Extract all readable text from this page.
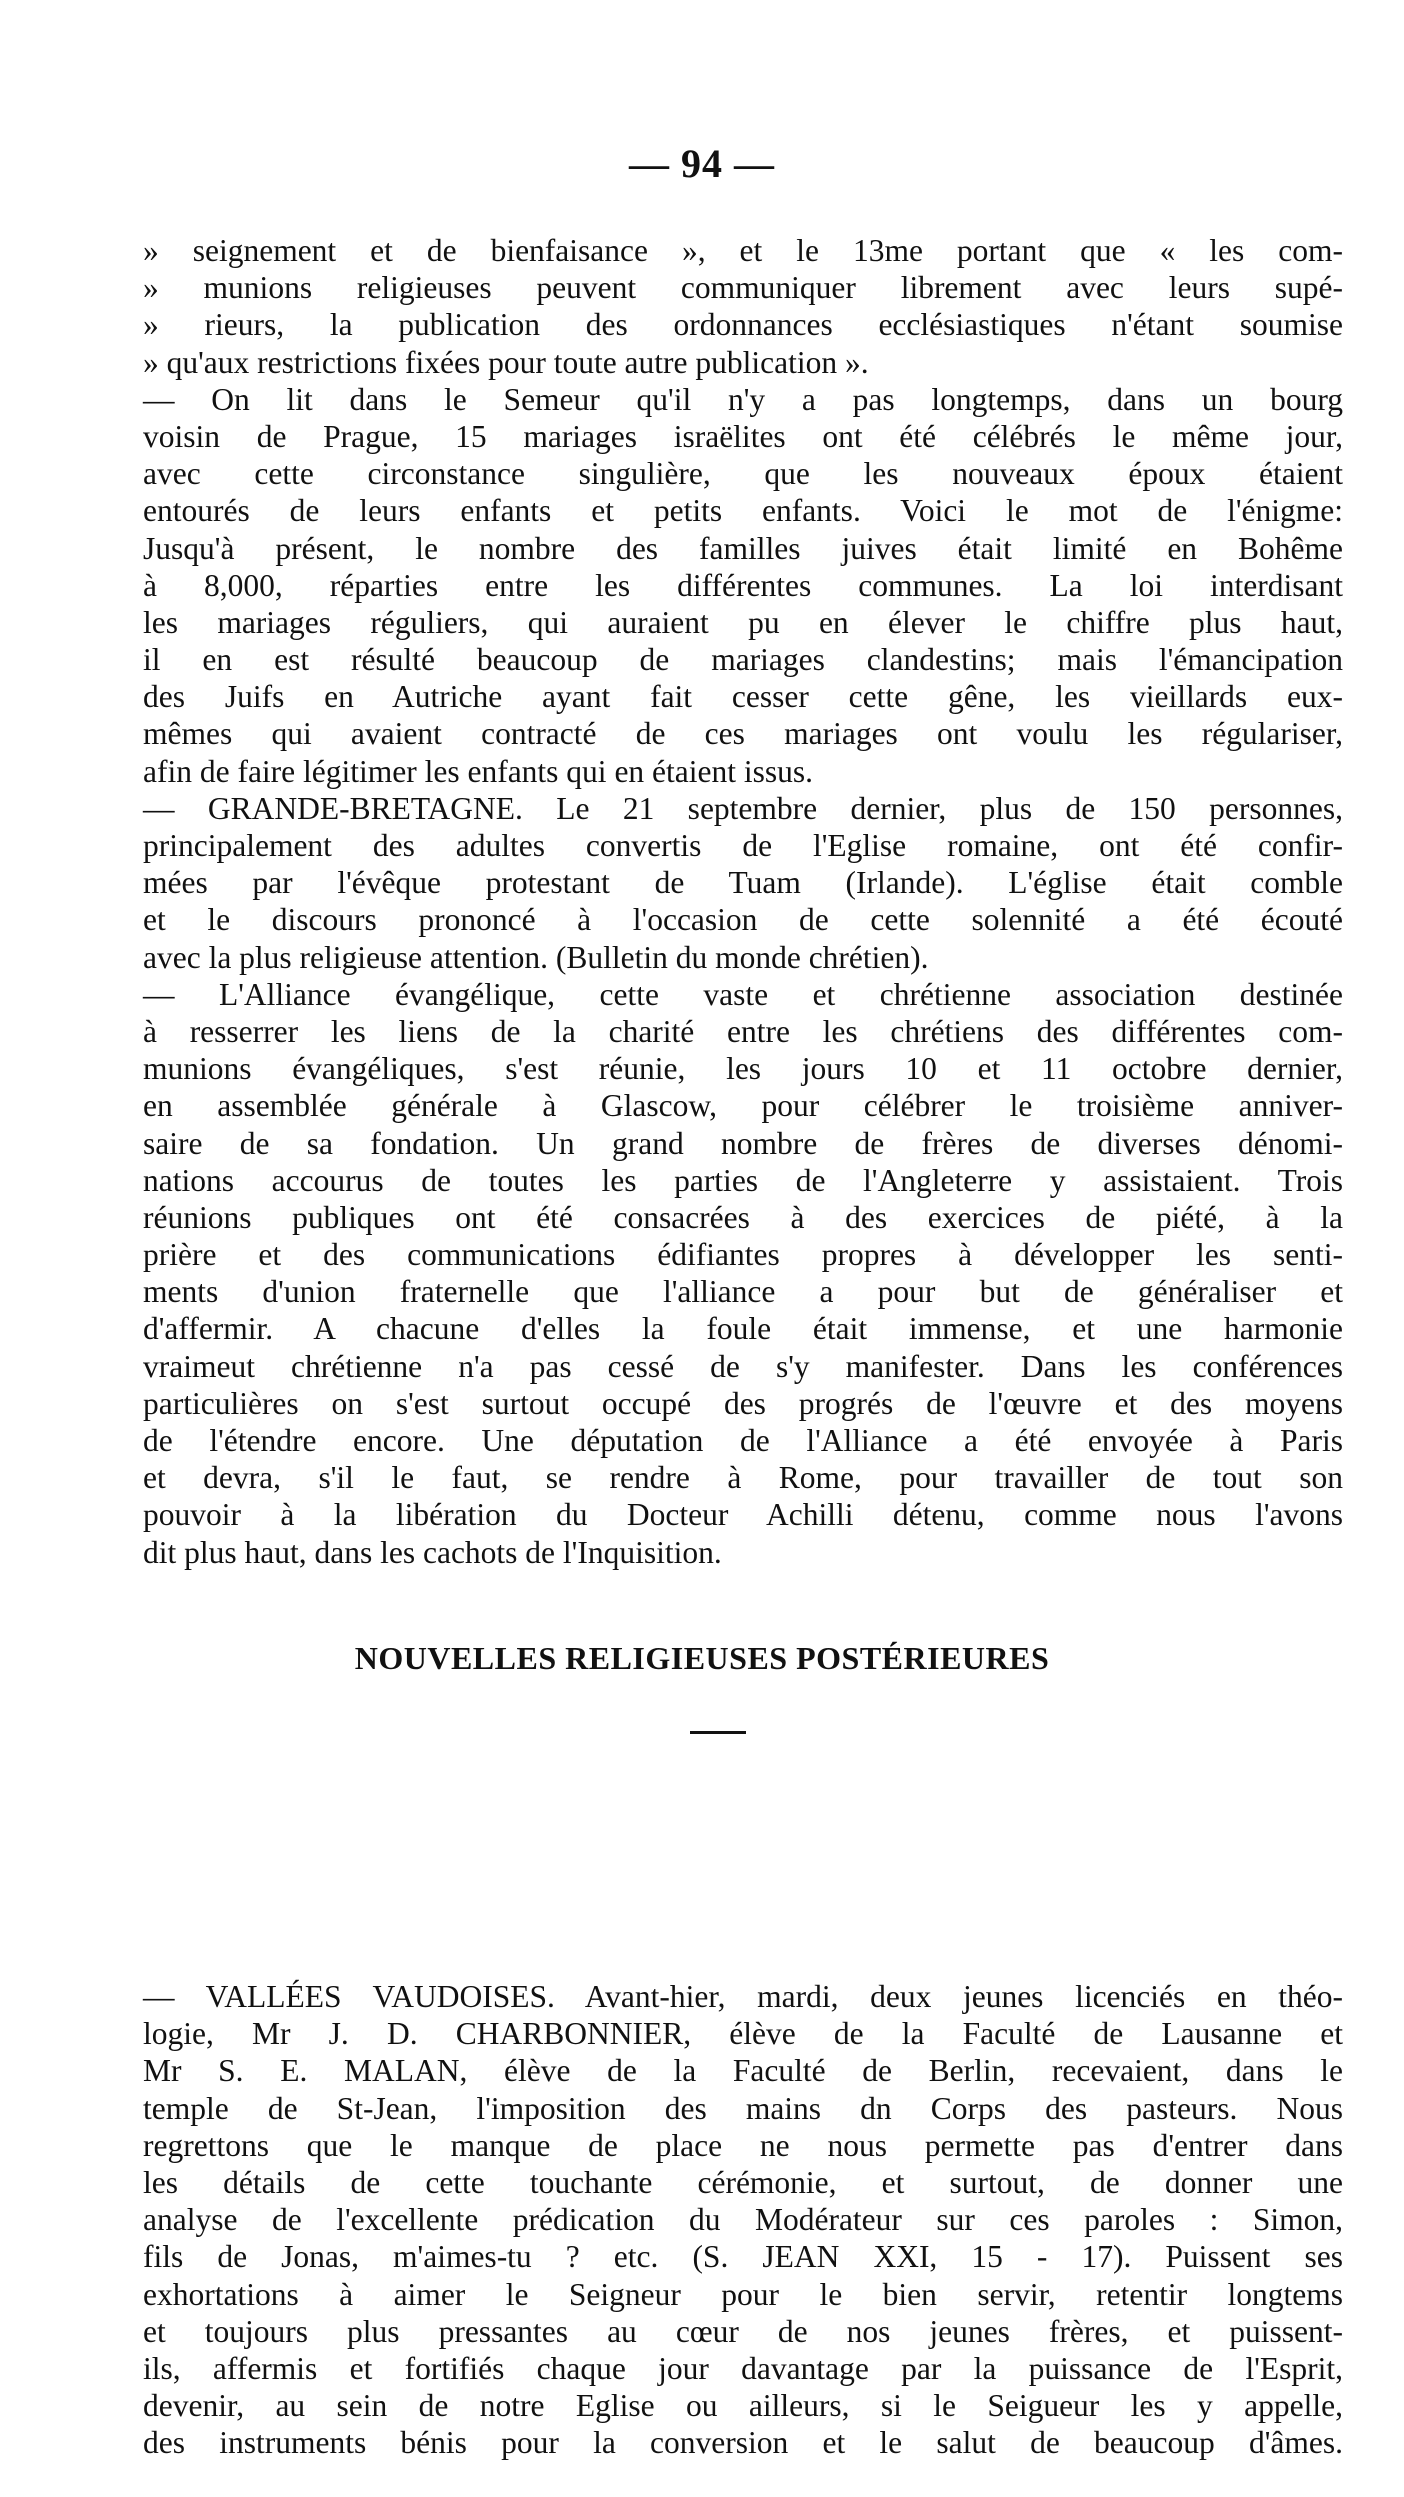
— 94 —
» seignement et de bienfaisance », et le 13me portant que « les com-
» munions religieuses peuvent communiquer librement avec leurs supé-
» rieurs, la publication des ordonnances ecclésiastiques n'étant soumise
» qu'aux restrictions fixées pour toute autre publication ».
— On lit dans le Semeur qu'il n'y a pas longtemps, dans un bourg
voisin de Prague, 15 mariages israëlites ont été célébrés le même jour,
avec cette circonstance singulière, que les nouveaux époux étaient
entourés de leurs enfants et petits enfants. Voici le mot de l'énigme:
Jusqu'à présent, le nombre des familles juives était limité en Bohême
à 8,000, réparties entre les différentes communes. La loi interdisant
les mariages réguliers, qui auraient pu en élever le chiffre plus haut,
il en est résulté beaucoup de mariages clandestins; mais l'émancipation
des Juifs en Autriche ayant fait cesser cette gêne, les vieillards eux-
mêmes qui avaient contracté de ces mariages ont voulu les régulariser,
afin de faire légitimer les enfants qui en étaient issus.
— GRANDE-BRETAGNE. Le 21 septembre dernier, plus de 150 personnes,
principalement des adultes convertis de l'Eglise romaine, ont été confir-
mées par l'évêque protestant de Tuam (Irlande). L'église était comble
et le discours prononcé à l'occasion de cette solennité a été écouté
avec la plus religieuse attention. (Bulletin du monde chrétien).
— L'Alliance évangélique, cette vaste et chrétienne association destinée
à resserrer les liens de la charité entre les chrétiens des différentes com-
munions évangéliques, s'est réunie, les jours 10 et 11 octobre dernier,
en assemblée générale à Glascow, pour célébrer le troisième anniver-
saire de sa fondation. Un grand nombre de frères de diverses dénomi-
nations accourus de toutes les parties de l'Angleterre y assistaient. Trois
réunions publiques ont été consacrées à des exercices de piété, à la
prière et des communications édifiantes propres à développer les senti-
ments d'union fraternelle que l'alliance a pour but de généraliser et
d'affermir. A chacune d'elles la foule était immense, et une harmonie
vraimeut chrétienne n'a pas cessé de s'y manifester. Dans les conférences
particulières on s'est surtout occupé des progrés de l'œuvre et des moyens
de l'étendre encore. Une députation de l'Alliance a été envoyée à Paris
et devra, s'il le faut, se rendre à Rome, pour travailler de tout son
pouvoir à la libération du Docteur Achilli détenu, comme nous l'avons
dit plus haut, dans les cachots de l'Inquisition.
NOUVELLES RELIGIEUSES POSTÉRIEURES
— VALLÉES VAUDOISES. Avant-hier, mardi, deux jeunes licenciés en théo-
logie, Mr J. D. CHARBONNIER, élève de la Faculté de Lausanne et
Mr S. E. MALAN, élève de la Faculté de Berlin, recevaient, dans le
temple de St-Jean, l'imposition des mains dn Corps des pasteurs. Nous
regrettons que le manque de place ne nous permette pas d'entrer dans
les détails de cette touchante cérémonie, et surtout, de donner une
analyse de l'excellente prédication du Modérateur sur ces paroles : Simon,
fils de Jonas, m'aimes-tu ? etc. (S. JEAN XXI, 15 - 17). Puissent ses
exhortations à aimer le Seigneur pour le bien servir, retentir longtems
et toujours plus pressantes au cœur de nos jeunes frères, et puissent-
ils, affermis et fortifiés chaque jour davantage par la puissance de l'Esprit,
devenir, au sein de notre Eglise ou ailleurs, si le Seigueur les y appelle,
des instruments bénis pour la conversion et le salut de beaucoup d'âmes.
